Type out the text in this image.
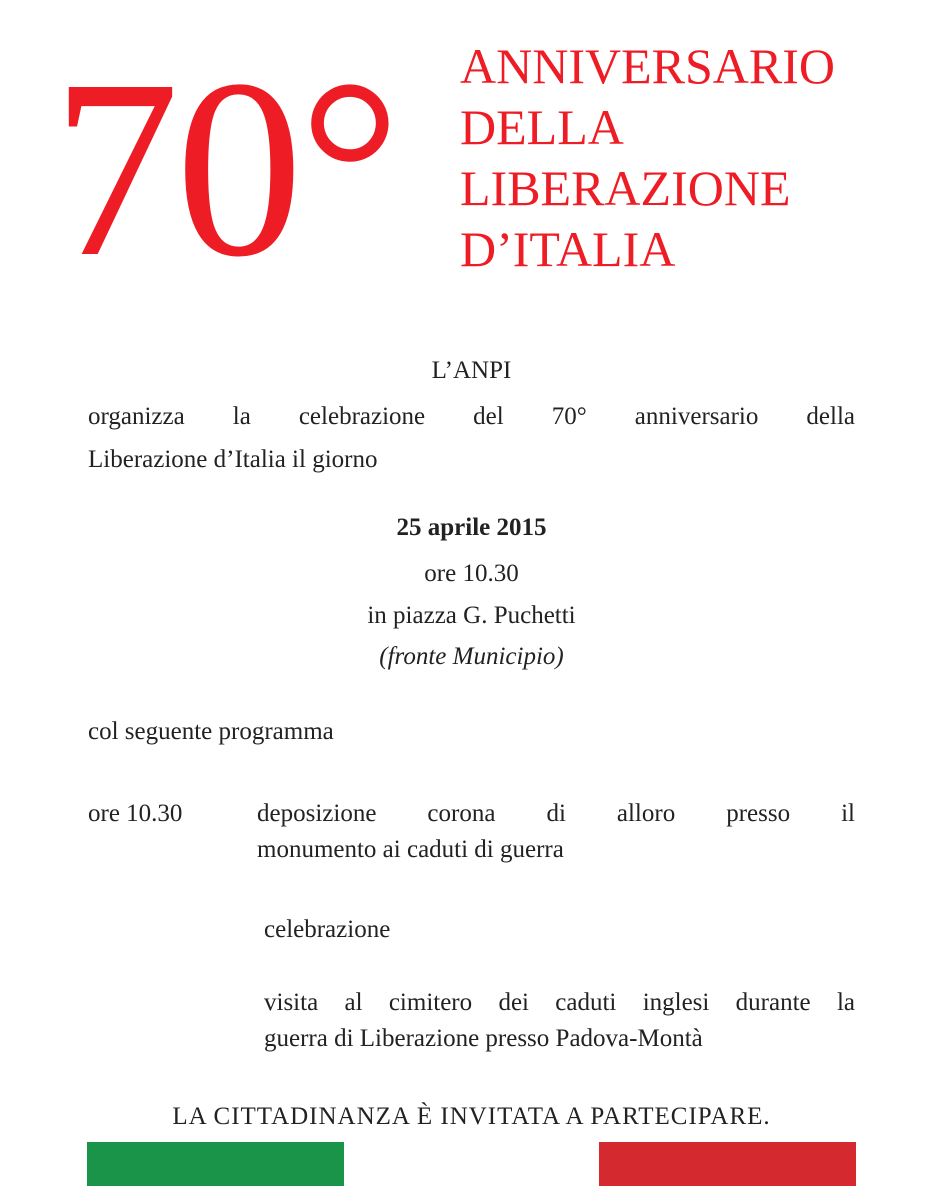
70° ANNIVERSARIO
DELLA
LIBERAZIONE
D’ITALIA
L’ANPI
organizza la celebrazione del 70° anniversario della
Liberazione d’Italia il giorno
25 aprile 2015
ore 10.30
in piazza G. Puchetti
(fronte Municipio)
col seguente programma
ore 10.30	deposizione corona di alloro presso il
monumento ai caduti di guerra
celebrazione
visita al cimitero dei caduti inglesi durante la
guerra di Liberazione presso Padova-Montà
LA CITTADINANZA È INVITATA A PARTECIPARE.
